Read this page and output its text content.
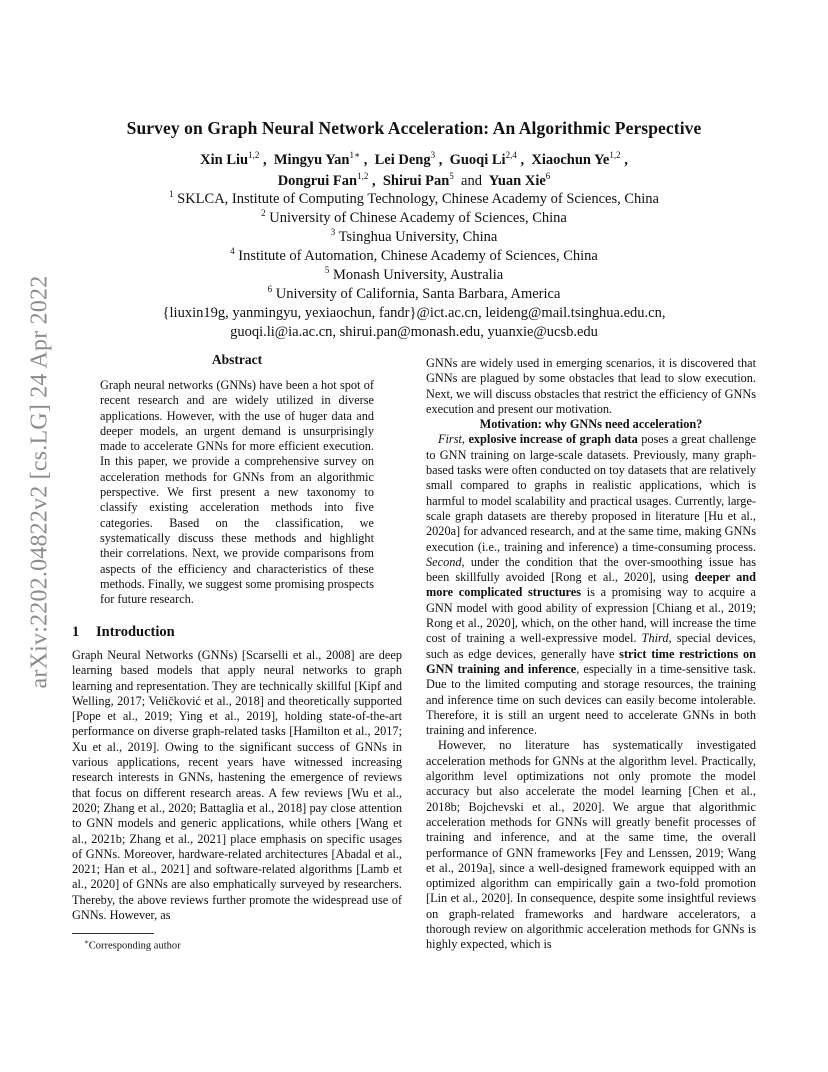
arXiv:2202.04822v2 [cs.LG] 24 Apr 2022
Survey on Graph Neural Network Acceleration: An Algorithmic Perspective
Xin Liu$^{1,2}$ ,  Mingyu Yan$^{1∗}$ ,  Lei Deng$^3$ ,  Guoqi Li$^{2,4}$ ,  Xiaochun Ye$^{1,2}$ ,
Dongrui Fan$^{1,2}$ ,  Shirui Pan$^5$ and Yuan Xie$^6$
$^1$ SKLCA, Institute of Computing Technology, Chinese Academy of Sciences, China
$^2$ University of Chinese Academy of Sciences, China
$^3$ Tsinghua University, China
$^4$ Institute of Automation, Chinese Academy of Sciences, China
$^5$ Monash University, Australia
$^6$ University of California, Santa Barbara, America
{liuxin19g, yanmingyu, yexiaochun, fandr}@ict.ac.cn, leideng@mail.tsinghua.edu.cn,
guoqi.li@ia.ac.cn, shirui.pan@monash.edu, yuanxie@ucsb.edu
Abstract

Graph neural networks (GNNs) have been a hot spot of recent research and are widely utilized in diverse applications. However, with the use of huger data and deeper models, an urgent demand is unsurprisingly made to accelerate GNNs for more efficient execution. In this paper, we provide a comprehensive survey on acceleration methods for GNNs from an algorithmic perspective. We first present a new taxonomy to classify existing acceleration methods into five categories. Based on the classification, we systematically discuss these methods and highlight their correlations. Next, we provide comparisons from aspects of the efficiency and characteristics of these methods. Finally, we suggest some promising prospects for future research.

1 Introduction

Graph Neural Networks (GNNs) [Scarselli et al., 2008] are deep learning based models that apply neural networks to graph learning and representation. They are technically skillful [Kipf and Welling, 2017; Veličković et al., 2018] and theoretically supported [Pope et al., 2019; Ying et al., 2019], holding state-of-the-art performance on diverse graph-related tasks [Hamilton et al., 2017; Xu et al., 2019]. Owing to the significant success of GNNs in various applications, recent years have witnessed increasing research interests in GNNs, hastening the emergence of reviews that focus on different research areas. A few reviews [Wu et al., 2020; Zhang et al., 2020; Battaglia et al., 2018] pay close attention to GNN models and generic applications, while others [Wang et al., 2021b; Zhang et al., 2021] place emphasis on specific usages of GNNs. Moreover, hardware-related architectures [Abadal et al., 2021; Han et al., 2021] and software-related algorithms [Lamb et al., 2020] of GNNs are also emphatically surveyed by researchers. Thereby, the above reviews further promote the widespread use of GNNs. However, as

∗Corresponding author

GNNs are widely used in emerging scenarios, it is discovered that GNNs are plagued by some obstacles that lead to slow execution. Next, we will discuss obstacles that restrict the efficiency of GNNs execution and present our motivation.

Motivation: why GNNs need acceleration?

First, explosive increase of graph data poses a great challenge to GNN training on large-scale datasets. Previously, many graph-based tasks were often conducted on toy datasets that are relatively small compared to graphs in realistic applications, which is harmful to model scalability and practical usages. Currently, large-scale graph datasets are thereby proposed in literature [Hu et al., 2020a] for advanced research, and at the same time, making GNNs execution (i.e., training and inference) a time-consuming process. Second, under the condition that the over-smoothing issue has been skillfully avoided [Rong et al., 2020], using deeper and more complicated structures is a promising way to acquire a GNN model with good ability of expression [Chiang et al., 2019; Rong et al., 2020], which, on the other hand, will increase the time cost of training a well-expressive model. Third, special devices, such as edge devices, generally have strict time restrictions on GNN training and inference, especially in a time-sensitive task. Due to the limited computing and storage resources, the training and inference time on such devices can easily become intolerable. Therefore, it is still an urgent need to accelerate GNNs in both training and inference.

However, no literature has systematically investigated acceleration methods for GNNs at the algorithm level. Practically, algorithm level optimizations not only promote the model accuracy but also accelerate the model learning [Chen et al., 2018b; Bojchevski et al., 2020]. We argue that algorithmic acceleration methods for GNNs will greatly benefit processes of training and inference, and at the same time, the overall performance of GNN frameworks [Fey and Lenssen, 2019; Wang et al., 2019a], since a well-designed framework equipped with an optimized algorithm can empirically gain a two-fold promotion [Lin et al., 2020]. In consequence, despite some insightful reviews on graph-related frameworks and hardware accelerators, a thorough review on algorithmic acceleration methods for GNNs is highly expected, which is
